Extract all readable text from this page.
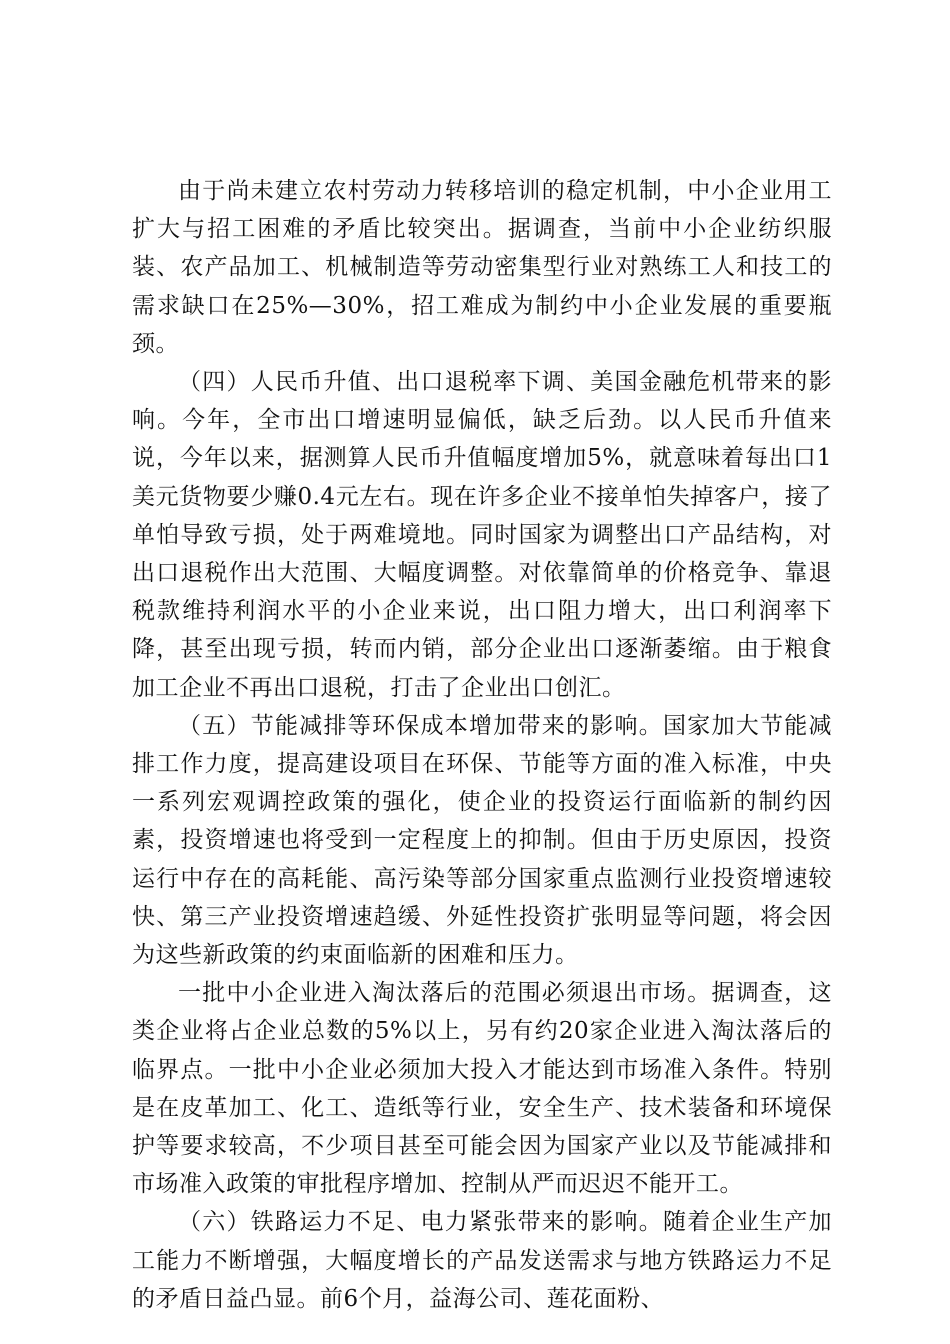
由于尚未建立农村劳动力转移培训的稳定机制，中小企业用工扩大与招工困难的矛盾比较突出。据调查，当前中小企业纺织服装、农产品加工、机械制造等劳动密集型行业对熟练工人和技工的需求缺口在25%—30%，招工难成为制约中小企业发展的重要瓶颈。

（四）人民币升值、出口退税率下调、美国金融危机带来的影响。今年，全市出口增速明显偏低，缺乏后劲。以人民币升值来说，今年以来，据测算人民币升值幅度增加5%，就意味着每出口1美元货物要少赚0.4元左右。现在许多企业不接单怕失掉客户，接了单怕导致亏损，处于两难境地。同时国家为调整出口产品结构，对出口退税作出大范围、大幅度调整。对依靠简单的价格竞争、靠退税款维持利润水平的小企业来说，出口阻力增大，出口利润率下降，甚至出现亏损，转而内销，部分企业出口逐渐萎缩。由于粮食加工企业不再出口退税，打击了企业出口创汇。

（五）节能减排等环保成本增加带来的影响。国家加大节能减排工作力度，提高建设项目在环保、节能等方面的准入标准，中央一系列宏观调控政策的强化，使企业的投资运行面临新的制约因素，投资增速也将受到一定程度上的抑制。但由于历史原因，投资运行中存在的高耗能、高污染等部分国家重点监测行业投资增速较快、第三产业投资增速趋缓、外延性投资扩张明显等问题，将会因为这些新政策的约束面临新的困难和压力。

一批中小企业进入淘汰落后的范围必须退出市场。据调查，这类企业将占企业总数的5%以上，另有约20家企业进入淘汰落后的临界点。一批中小企业必须加大投入才能达到市场准入条件。特别是在皮革加工、化工、造纸等行业，安全生产、技术装备和环境保护等要求较高，不少项目甚至可能会因为国家产业以及节能减排和市场准入政策的审批程序增加、控制从严而迟迟不能开工。

（六）铁路运力不足、电力紧张带来的影响。随着企业生产加工能力不断增强，大幅度增长的产品发送需求与地方铁路运力不足的矛盾日益凸显。前6个月，益海公司、莲花面粉、
